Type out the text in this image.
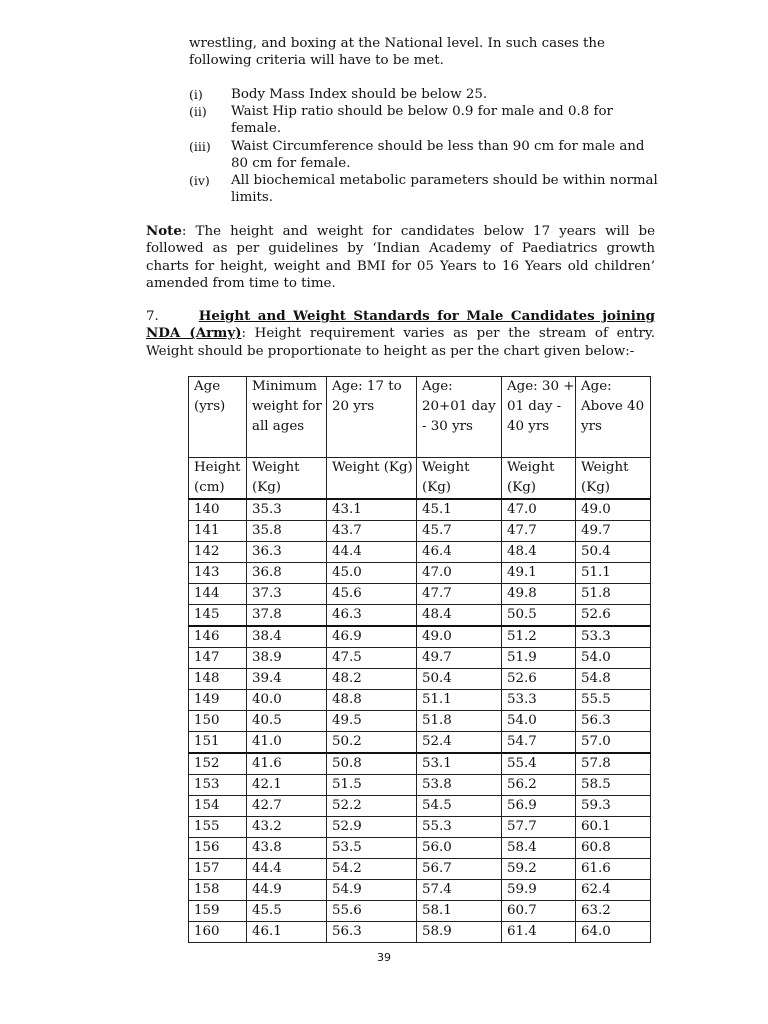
wrestling, and boxing at the National level. In such cases the following criteria will have to be met.
(i) Body Mass Index should be below 25.
(ii) Waist Hip ratio should be below 0.9 for male and 0.8 for female.
(iii) Waist Circumference should be less than 90 cm for male and 80 cm for female.
(iv) All biochemical metabolic parameters should be within normal limits.
Note: The height and weight for candidates below 17 years will be followed as per guidelines by ‘Indian Academy of Paediatrics growth charts for height, weight and BMI for 05 Years to 16 Years old children’ amended from time to time.
7.	Height and Weight Standards for Male Candidates joining NDA (Army): Height requirement varies as per the stream of entry. Weight should be proportionate to height as per the chart given below:-
Age (yrs)	Minimum weight for all ages	Age: 17 to 20 yrs	Age: 20+01 day - 30 yrs	Age: 30 + 01 day - 40 yrs	Age: Above 40 yrs
Height (cm)	Weight (Kg)	Weight (Kg)	Weight (Kg)	Weight (Kg)	Weight (Kg)
140	35.3	43.1	45.1	47.0	49.0
141	35.8	43.7	45.7	47.7	49.7
142	36.3	44.4	46.4	48.4	50.4
143	36.8	45.0	47.0	49.1	51.1
144	37.3	45.6	47.7	49.8	51.8
145	37.8	46.3	48.4	50.5	52.6
146	38.4	46.9	49.0	51.2	53.3
147	38.9	47.5	49.7	51.9	54.0
148	39.4	48.2	50.4	52.6	54.8
149	40.0	48.8	51.1	53.3	55.5
150	40.5	49.5	51.8	54.0	56.3
151	41.0	50.2	52.4	54.7	57.0
152	41.6	50.8	53.1	55.4	57.8
153	42.1	51.5	53.8	56.2	58.5
154	42.7	52.2	54.5	56.9	59.3
155	43.2	52.9	55.3	57.7	60.1
156	43.8	53.5	56.0	58.4	60.8
157	44.4	54.2	56.7	59.2	61.6
158	44.9	54.9	57.4	59.9	62.4
159	45.5	55.6	58.1	60.7	63.2
160	46.1	56.3	58.9	61.4	64.0
39
